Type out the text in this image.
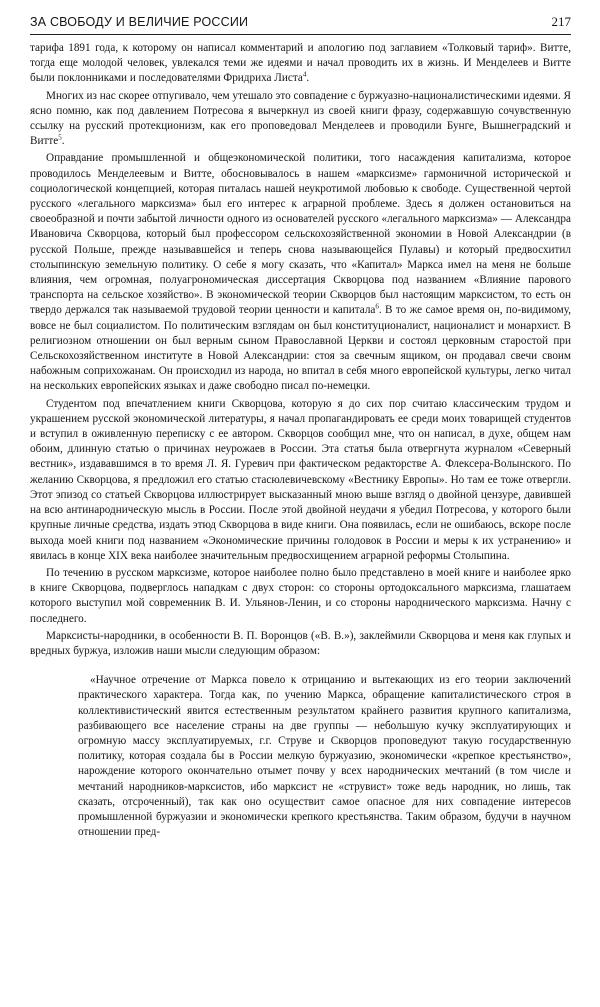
ЗА СВОБОДУ И ВЕЛИЧИЕ РОССИИ	217

тарифа 1891 года, к которому он написал комментарий и апологию под заглавием «Толковый тариф». Витте, тогда еще молодой человек, увлекался теми же идеями и начал проводить их в жизнь. И Менделеев и Витте были поклонниками и последователями Фридриха Листа$^4$.

Многих из нас скорее отпугивало, чем утешало это совпадение с буржуазно-националистическими идеями. Я ясно помню, как под давлением Потресова я вычеркнул из своей книги фразу, содержавшую сочувственную ссылку на русский протекционизм, как его проповедовал Менделеев и проводили Бунге, Вышнеградский и Витте$^5$.

Оправдание промышленной и общеэкономической политики, того насаждения капитализма, которое проводилось Менделеевым и Витте, обосновывалось в нашем «марксизме» гармоничной исторической и социологической концепцией, которая питалась нашей неукротимой любовью к свободе. Существенной чертой русского «легального марксизма» был его интерес к аграрной проблеме. Здесь я должен остановиться на своеобразной и почти забытой личности одного из основателей русского «легального марксизма» — Александра Ивановича Скворцова, который был профессором сельскохозяйственной экономии в Новой Александрии (в русской Польше, прежде называвшейся и теперь снова называющейся Пулавы) и который предвосхитил столыпинскую земельную политику. О себе я могу сказать, что «Капитал» Маркса имел на меня не больше влияния, чем огромная, полуагрономическая диссертация Скворцова под названием «Влияние парового транспорта на сельское хозяйство». В экономической теории Скворцов был настоящим марксистом, то есть он твердо держался так называемой трудовой теории ценности и капитала$^6$. В то же самое время он, по-видимому, вовсе не был социалистом. По политическим взглядам он был конституционалист, националист и монархист. В религиозном отношении он был верным сыном Православной Церкви и состоял церковным старостой при Сельскохозяйственном институте в Новой Александрии: стоя за свечным ящиком, он продавал свечи своим набожным соприхожанам. Он происходил из народа, но впитал в себя много европейской культуры, легко читал на нескольких европейских языках и даже свободно писал по-немецки.

Студентом под впечатлением книги Скворцова, которую я до сих пор считаю классическим трудом и украшением русской экономической литературы, я начал пропагандировать ее среди моих товарищей студентов и вступил в оживленную переписку с ее автором. Скворцов сообщил мне, что он написал, в духе, общем нам обоим, длинную статью о причинах неурожаев в России. Эта статья была отвергнута журналом «Северный вестник», издававшимся в то время Л. Я. Гуревич при фактическом редакторстве А. Флексера-Волынского. По желанию Скворцова, я предложил его статью стасюлевичевскому «Вестнику Европы». Но там ее тоже отвергли. Этот эпизод со статьей Скворцова иллюстрирует высказанный мною выше взгляд о двойной цензуре, давившей на всю антинародническую мысль в России. После этой двойной неудачи я убедил Потресова, у которого были крупные личные средства, издать этюд Скворцова в виде книги. Она появилась, если не ошибаюсь, вскоре после выхода моей книги под названием «Экономические причины голодовок в России и меры к их устранению» и явилась в конце XIX века наиболее значительным предвосхищением аграрной реформы Столыпина.

По течению в русском марксизме, которое наиболее полно было представлено в моей книге и наиболее ярко в книге Скворцова, подверглось нападкам с двух сторон: со стороны ортодоксального марксизма, глашатаем которого выступил мой современник В. И. Ульянов-Ленин, и со стороны народнического марксизма. Начну с последнего.

Марксисты-народники, в особенности В. П. Воронцов («В. В.»), заклеймили Скворцова и меня как глупых и вредных буржуа, изложив наши мысли следующим образом:

«Научное отречение от Маркса повело к отрицанию и вытекающих из его теории заключений практического характера. Тогда как, по учению Маркса, обращение капиталистического строя в коллективистический явится естественным результатом крайнего развития крупного капитализма, разбивающего все население страны на две группы — небольшую кучку эксплуатирующих и огромную массу эксплуатируемых, г.г. Струве и Скворцов проповедуют такую государственную политику, которая создала бы в России мелкую буржуазию, экономически «крепкое крестьянство», нарождение которого окончательно отымет почву у всех народнических мечтаний (в том числе и мечтаний народников-марксистов, ибо марксист не «струвист» тоже ведь народник, но лишь, так сказать, отсроченный), так как оно осуществит самое опасное для них совпадение интересов промышленной буржуазии и экономически крепкого крестьянства. Таким образом, будучи в научном отношении пред-
